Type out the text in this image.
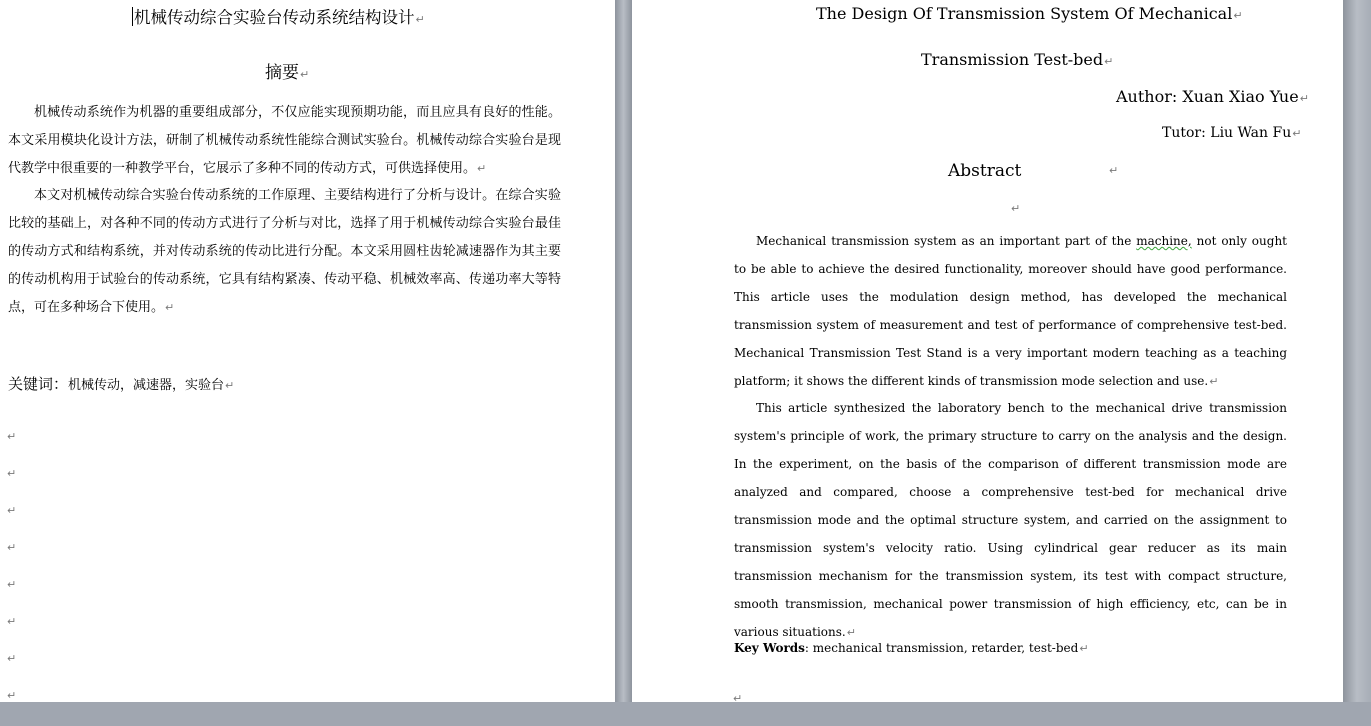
机械传动综合实验台传动系统结构设计↵
摘要↵

机械传动系统作为机器的重要组成部分，不仅应能实现预期功能，而且应具有良好的性能。本文采用模块化设计方法，研制了机械传动系统性能综合测试实验台。机械传动综合实验台是现代教学中很重要的一种教学平台，它展示了多种不同的传动方式，可供选择使用。↵

本文对机械传动综合实验台传动系统的工作原理、主要结构进行了分析与设计。在综合实验比较的基础上，对各种不同的传动方式进行了分析与对比，选择了用于机械传动综合实验台最佳的传动方式和结构系统，并对传动系统的传动比进行分配。本文采用圆柱齿轮减速器作为其主要的传动机构用于试验台的传动系统，它具有结构紧凑、传动平稳、机械效率高、传递功率大等特点，可在多种场合下使用。↵

关键词：机械传动，减速器，实验台↵
↵
↵
↵
↵
↵
↵
↵
↵
The Design Of Transmission System Of Mechanical↵
Transmission Test-bed↵
Author: Xuan Xiao Yue↵
Tutor: Liu Wan Fu↵
Abstract	↵
↵

Mechanical transmission system as an important part of the machine, not only ought to be able to achieve the desired functionality, moreover should have good performance. This article uses the modulation design method, has developed the mechanical transmission system of measurement and test of performance of comprehensive test-bed. Mechanical Transmission Test Stand is a very important modern teaching as a teaching platform; it shows the different kinds of transmission mode selection and use.↵

This article synthesized the laboratory bench to the mechanical drive transmission system's principle of work, the primary structure to carry on the analysis and the design. In the experiment, on the basis of the comparison of different transmission mode are analyzed and compared, choose a comprehensive test-bed for mechanical drive transmission mode and the optimal structure system, and carried on the assignment to transmission system's velocity ratio. Using cylindrical gear reducer as its main transmission mechanism for the transmission system, its test with compact structure, smooth transmission, mechanical power transmission of high efficiency, etc, can be in various situations.↵

Key Words: mechanical transmission, retarder, test-bed↵
↵
